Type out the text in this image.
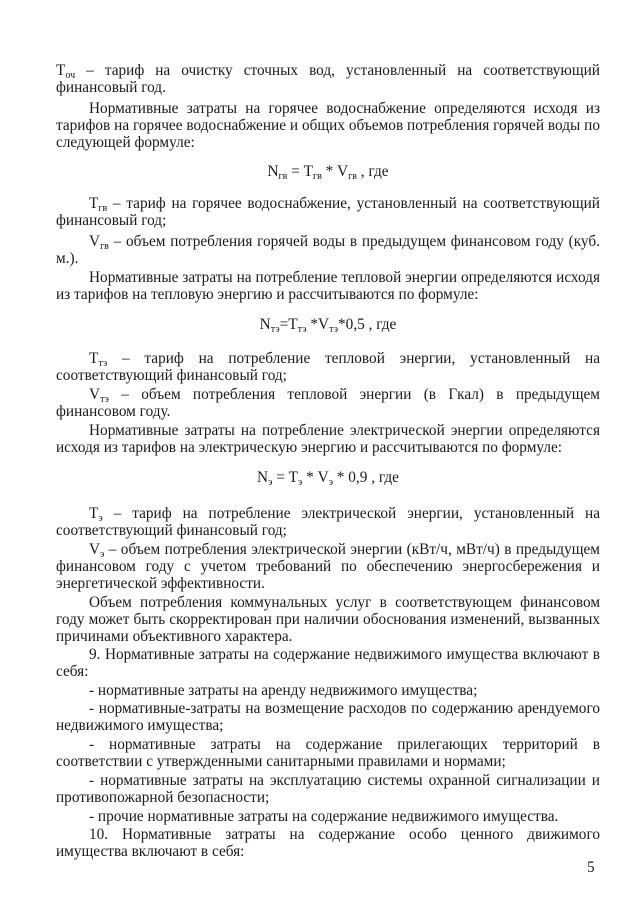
$Т_{оч}$ – тариф на очистку сточных вод, установленный на соответствующий финансовый год.

Нормативные затраты на горячее водоснабжение определяются исходя из тарифов на горячее водоснабжение и общих объемов потребления горячей воды по следующей формуле:

$N_{гв} = Т_{гв} * V_{гв}$ , где

$Т_{гв}$ – тариф на горячее водоснабжение, установленный на соответствующий финансовый год;

$V_{гв}$ – объем потребления горячей воды в предыдущем финансовом году (куб. м.).

Нормативные затраты на потребление тепловой энергии определяются исходя из тарифов на тепловую энергию и рассчитываются по формуле:

$N_{тэ}=Т_{тэ}$ $*V_{тэ}*0,5$ , где

$Т_{тэ}$ – тариф на потребление тепловой энергии, установленный на соответствующий финансовый год;

$V_{тэ}$ – объем потребления тепловой энергии (в Гкал) в предыдущем финансовом году.

Нормативные затраты на потребление электрической энергии определяются исходя из тарифов на электрическую энергию и рассчитываются по формуле:

$N_э = Т_э * V_э * 0,9$ , где

$Т_э$ – тариф на потребление электрической энергии, установленный на соответствующий финансовый год;

$V_э$ – объем потребления электрической энергии (кВт/ч, мВт/ч) в предыдущем финансовом году с учетом требований по обеспечению энергосбережения и энергетической эффективности.

Объем потребления коммунальных услуг в соответствующем финансовом году может быть скорректирован при наличии обоснования изменений, вызванных причинами объективного характера.

9. Нормативные затраты на содержание недвижимого имущества включают в себя:

- нормативные затраты на аренду недвижимого имущества;

- нормативные-затраты на возмещение расходов по содержанию арендуемого недвижимого имущества;

- нормативные затраты на содержание прилегающих территорий в соответствии с утвержденными санитарными правилами и нормами;

- нормативные затраты на эксплуатацию системы охранной сигнализации и противопожарной безопасности;

- прочие нормативные затраты на содержание недвижимого имущества.

10. Нормативные затраты на содержание особо ценного движимого имущества включают в себя:

5
